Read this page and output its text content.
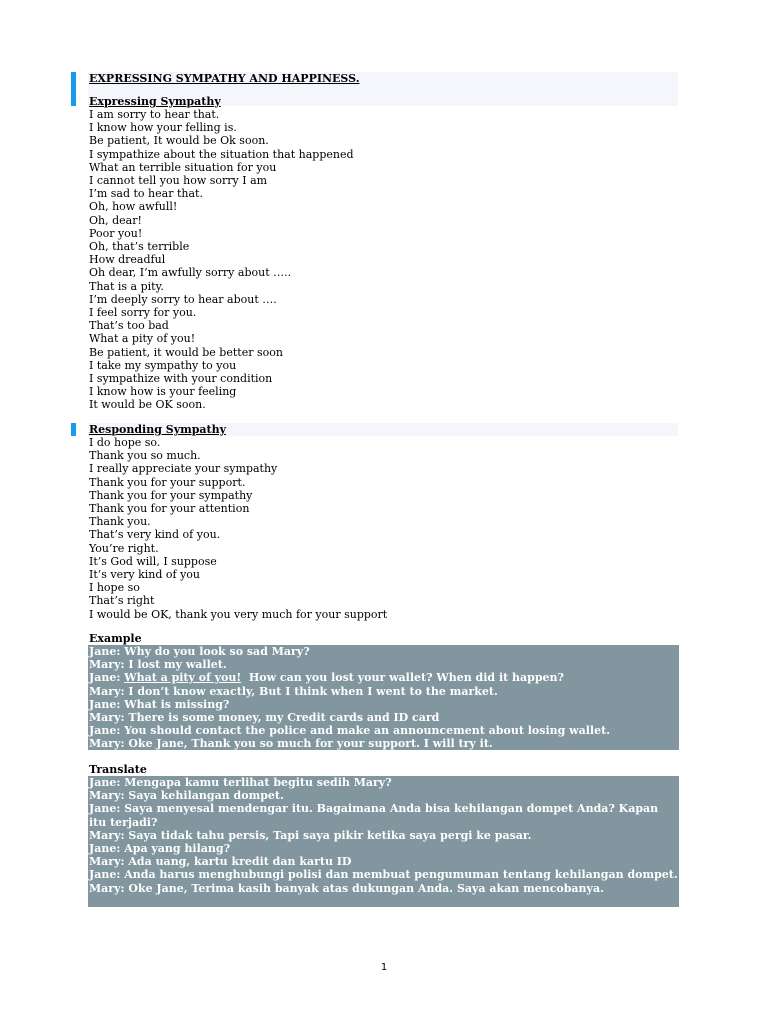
EXPRESSING SYMPATHY AND HAPPINESS.
Expressing Sympathy
I am sorry to hear that.
I know how your felling is.
Be patient, It would be Ok soon.
I sympathize about the situation that happened
What an terrible situation for you
I cannot tell you how sorry I am
I’m sad to hear that.
Oh, how awfull!
Oh, dear!
Poor you!
Oh, that’s terrible
How dreadful
Oh dear, I’m awfully sorry about …..
That is a pity.
I’m deeply sorry to hear about ….
I feel sorry for you.
That’s too bad
What a pity of you!
Be patient, it would be better soon
I take my sympathy to you
I sympathize with your condition
I know how is your feeling
It would be OK soon.
Responding Sympathy
I do hope so.
Thank you so much.
I really appreciate your sympathy
Thank you for your support.
Thank you for your sympathy
Thank you for your attention
Thank you.
That’s very kind of you.
You’re right.
It’s God will, I suppose
It’s very kind of you
I hope so
That’s right
I would be OK, thank you very much for your support
Example
Jane: Why do you look so sad Mary?
Mary: I lost my wallet.
Jane: What a pity of you!  How can you lost your wallet? When did it happen?
Mary: I don’t know exactly, But I think when I went to the market.
Jane: What is missing?
Mary: There is some money, my Credit cards and ID card
Jane: You should contact the police and make an announcement about losing wallet.
Mary: Oke Jane, Thank you so much for your support. I will try it.
Translate
Jane: Mengapa kamu terlihat begitu sedih Mary?
Mary: Saya kehilangan dompet.
Jane: Saya menyesal mendengar itu. Bagaimana Anda bisa kehilangan dompet Anda? Kapan itu terjadi?
Mary: Saya tidak tahu persis, Tapi saya pikir ketika saya pergi ke pasar.
Jane: Apa yang hilang?
Mary: Ada uang, kartu kredit dan kartu ID
Jane: Anda harus menghubungi polisi dan membuat pengumuman tentang kehilangan dompet.
Mary: Oke Jane, Terima kasih banyak atas dukungan Anda. Saya akan mencobanya.
1
